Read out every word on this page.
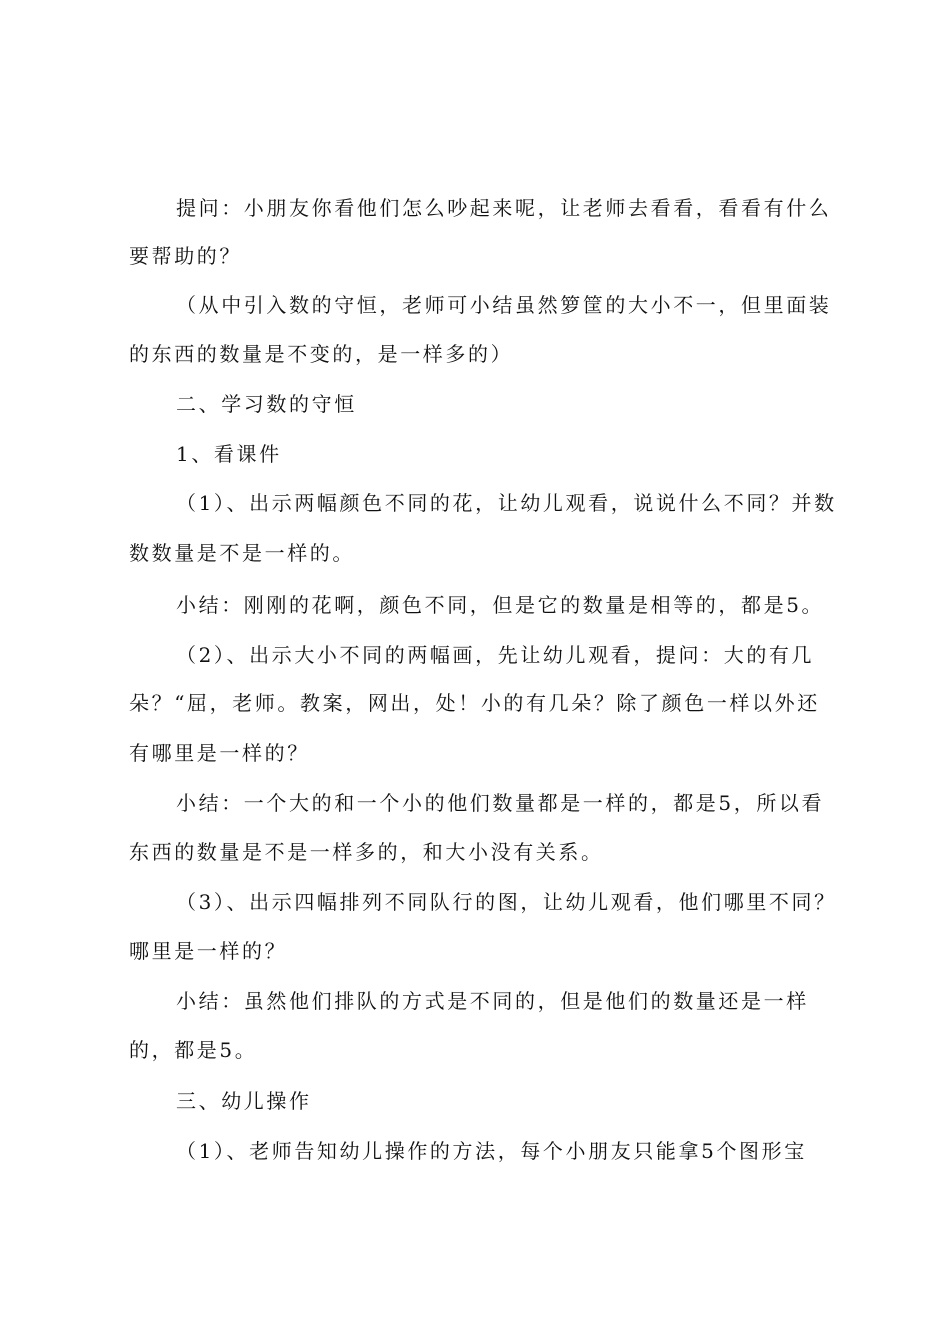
提问：小朋友你看他们怎么吵起来呢，让老师去看看，看看有什么
要帮助的？
（从中引入数的守恒，老师可小结虽然箩筐的大小不一，但里面装
的东西的数量是不变的，是一样多的）
二、学习数的守恒
1、看课件
（1）、出示两幅颜色不同的花，让幼儿观看，说说什么不同？并数
数数量是不是一样的。
小结：刚刚的花啊，颜色不同，但是它的数量是相等的，都是5。
（2）、出示大小不同的两幅画，先让幼儿观看，提问：大的有几
朵？“屈，老师。教案，网出，处！小的有几朵？除了颜色一样以外还
有哪里是一样的？
小结：一个大的和一个小的他们数量都是一样的，都是5，所以看
东西的数量是不是一样多的，和大小没有关系。
（3）、出示四幅排列不同队行的图，让幼儿观看，他们哪里不同？
哪里是一样的？
小结：虽然他们排队的方式是不同的，但是他们的数量还是一样
的，都是5。
三、幼儿操作
（1）、老师告知幼儿操作的方法，每个小朋友只能拿5个图形宝
